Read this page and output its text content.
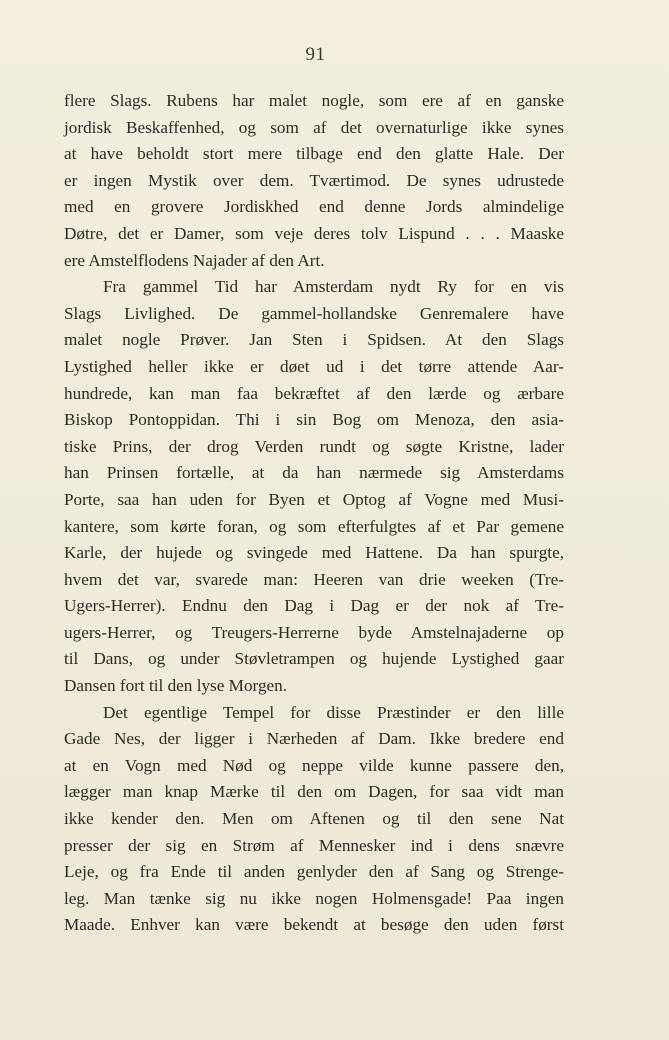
91
flere Slags. Rubens har malet nogle, som ere af en ganske
jordisk Beskaffenhed, og som af det overnaturlige ikke synes
at have beholdt stort mere tilbage end den glatte Hale. Der
er ingen Mystik over dem. Tværtimod. De synes udrustede
med en grovere Jordiskhed end denne Jords almindelige
Døtre, det er Damer, som veje deres tolv Lispund . . . Maaske
ere Amstelflodens Najader af den Art.
Fra gammel Tid har Amsterdam nydt Ry for en vis
Slags Livlighed. De gammel-hollandske Genremalere have
malet nogle Prøver. Jan Sten i Spidsen. At den Slags
Lystighed heller ikke er døet ud i det tørre attende Aar-
hundrede, kan man faa bekræftet af den lærde og ærbare
Biskop Pontoppidan. Thi i sin Bog om Menoza, den asia-
tiske Prins, der drog Verden rundt og søgte Kristne, lader
han Prinsen fortælle, at da han nærmede sig Amsterdams
Porte, saa han uden for Byen et Optog af Vogne med Musi-
kantere, som kørte foran, og som efterfulgtes af et Par gemene
Karle, der hujede og svingede med Hattene. Da han spurgte,
hvem det var, svarede man: Heeren van drie weeken (Tre-
Ugers-Herrer). Endnu den Dag i Dag er der nok af Tre-
ugers-Herrer, og Treugers-Herrerne byde Amstelnajaderne op
til Dans, og under Støvletrampen og hujende Lystighed gaar
Dansen fort til den lyse Morgen.
Det egentlige Tempel for disse Præstinder er den lille
Gade Nes, der ligger i Nærheden af Dam. Ikke bredere end
at en Vogn med Nød og neppe vilde kunne passere den,
lægger man knap Mærke til den om Dagen, for saa vidt man
ikke kender den. Men om Aftenen og til den sene Nat
presser der sig en Strøm af Mennesker ind i dens snævre
Leje, og fra Ende til anden genlyder den af Sang og Strenge-
leg. Man tænke sig nu ikke nogen Holmensgade! Paa ingen
Maade. Enhver kan være bekendt at besøge den uden først
